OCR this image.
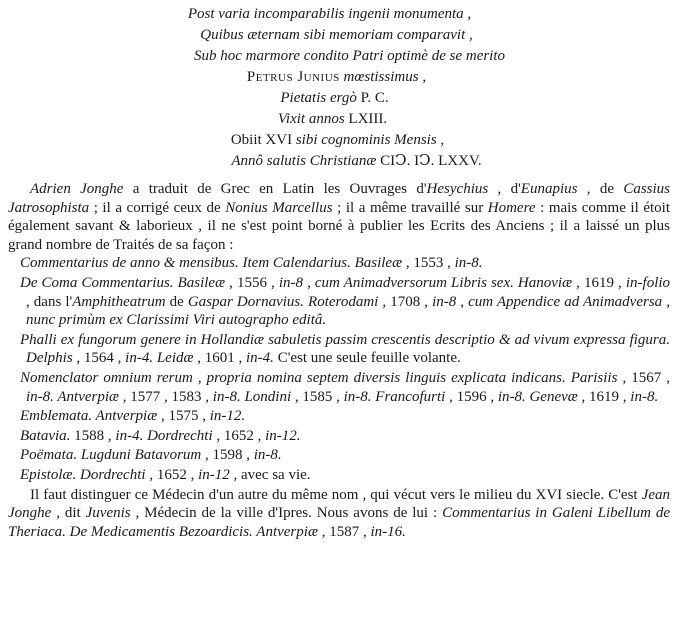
Post varia incomparabilis ingenii monumenta ,
Quibus æternam sibi memoriam comparavit ,
Sub hoc marmore condito Patri optimè de se merito
Petrus Junius mœstissimus ,
Pietatis ergò P. C.
Vixit annos LXIII.
Obiit XVI sibi cognominis Mensis ,
Annô salutis Christianæ CIↃ. IↃ. LXXV.

Adrien Jonghe a traduit de Grec en Latin les Ouvrages d'Hesychius , d'Eunapius , de Cassius Jatrosophista ; il a corrigé ceux de Nonius Marcellus ; il a même travaillé sur Homere : mais comme il étoit également savant & laborieux , il ne s'est point borné à publier les Ecrits des Anciens ; il a laissé un plus grand nombre de Traités de sa façon :

Commentarius de anno & mensibus. Item Calendarius. Basileæ , 1553 , in-8.

De Coma Commentarius. Basileæ , 1556 , in-8 , cum Animadversorum Libris sex. Hanoviæ , 1619 , in-folio , dans l'Amphitheatrum de Gaspar Dornavius. Roterodami , 1708 , in-8 , cum Appendice ad Animadversa , nunc primùm ex Clarissimi Viri autographo editâ.

Phalli ex fungorum genere in Hollandiæ sabuletis passim crescentis descriptio & ad vivum expressa figura. Delphis , 1564 , in-4. Leidæ , 1601 , in-4. C'est une seule feuille volante.

Nomenclator omnium rerum , propria nomina septem diversis linguis explicata indicans. Parisiis , 1567 , in-8. Antverpiæ , 1577 , 1583 , in-8. Londini , 1585 , in-8. Francofurti , 1596 , in-8. Genevæ , 1619 , in-8.

Emblemata. Antverpiæ , 1575 , in-12.

Batavia. 1588 , in-4. Dordrechti , 1652 , in-12.

Poëmata. Lugduni Batavorum , 1598 , in-8.

Epistolæ. Dordrechti , 1652 , in-12 , avec sa vie.

Il faut distinguer ce Médecin d'un autre du même nom , qui vécut vers le milieu du XVI siecle. C'est Jean Jonghe , dit Juvenis , Médecin de la ville d'Ipres. Nous avons de lui : Commentarius in Galeni Libellum de Theriaca. De Medicamentis Bezoardicis. Antverpiæ , 1587 , in-16.
